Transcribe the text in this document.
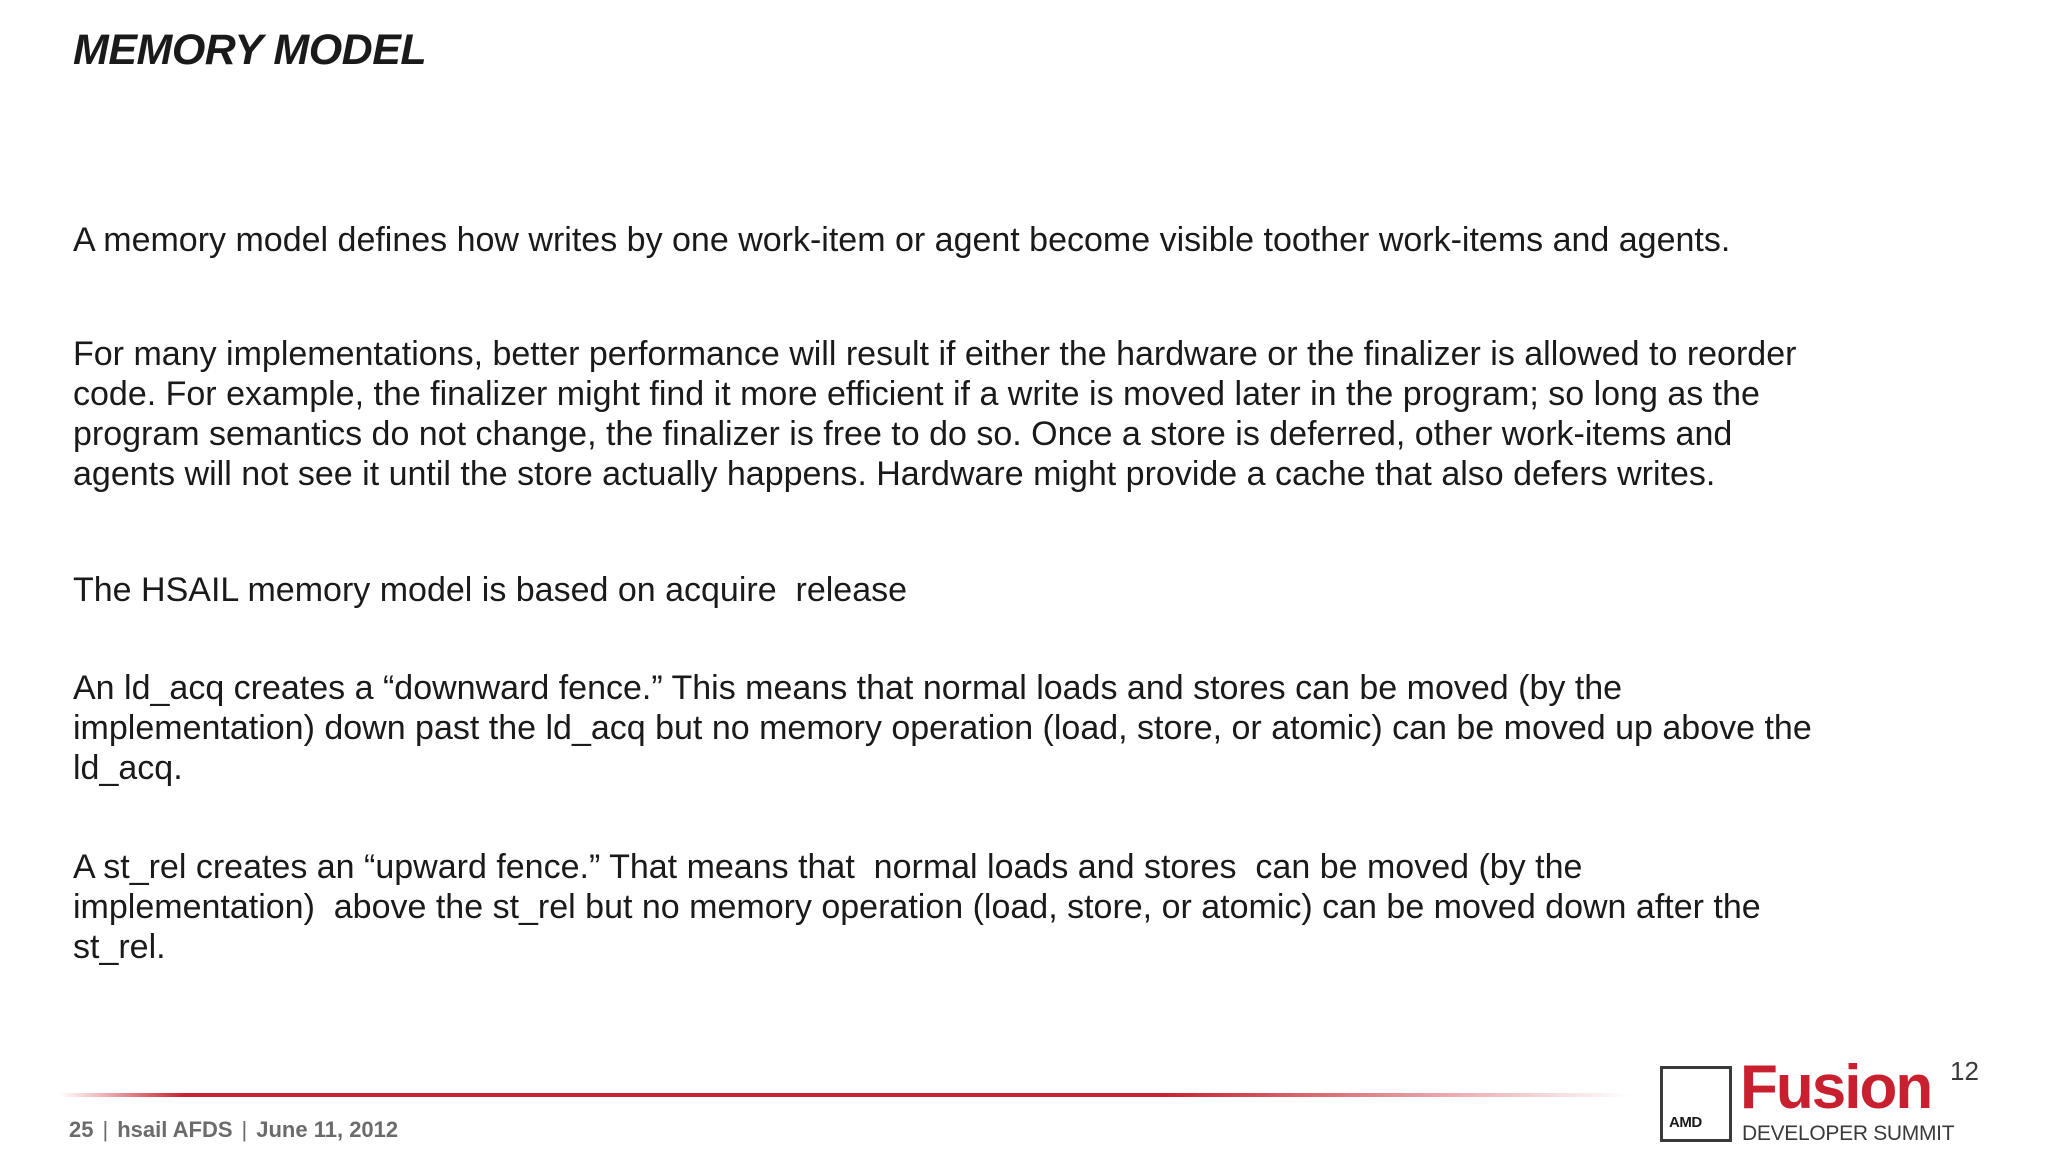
MEMORY MODEL

A memory model defines how writes by one work-item or agent become visible toother work-items and agents.

For many implementations, better performance will result if either the hardware or the finalizer is allowed to reorder
code. For example, the finalizer might find it more efficient if a write is moved later in the program; so long as the
program semantics do not change, the finalizer is free to do so. Once a store is deferred, other work-items and
agents will not see it until the store actually happens. Hardware might provide a cache that also defers writes.

The HSAIL memory model is based on acquire  release

An ld_acq creates a “downward fence.” This means that normal loads and stores can be moved (by the
implementation) down past the ld_acq but no memory operation (load, store, or atomic) can be moved up above the
ld_acq.

A st_rel creates an “upward fence.” That means that  normal loads and stores  can be moved (by the
implementation)  above the st_rel but no memory operation (load, store, or atomic) can be moved down after the
st_rel.

25 | hsail AFDS | June 11, 2012	AMD
Fusion 12
DEVELOPER SUMMIT
